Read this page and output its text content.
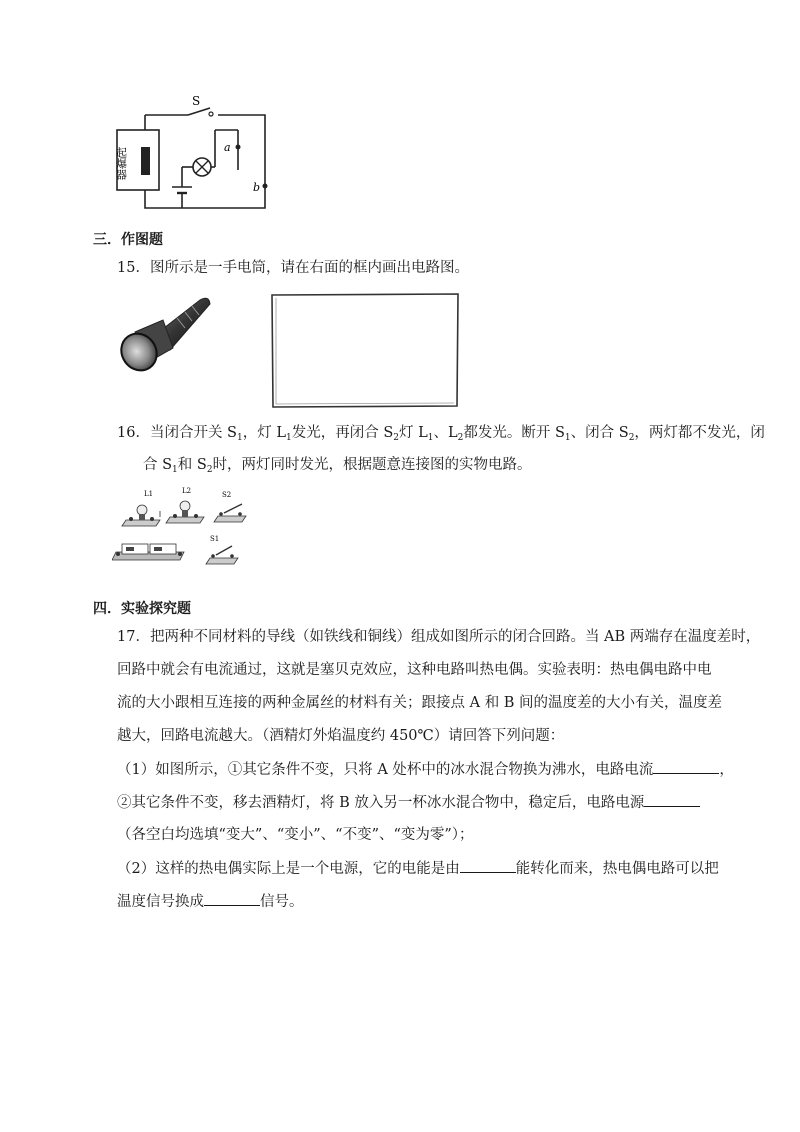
S
起爆器	a
b
三．作图题
15．图所示是一手电筒，请在右面的框内画出电路图。
16．当闭合开关 $S_1$，灯 $L_1$发光，再闭合 $S_2$灯 $L_1$、$L_2$都发光。断开 $S_1$、闭合 $S_2$，两灯都不发光，闭
合 $S_1$和 $S_2$时，两灯同时发光，根据题意连接图的实物电路。
L1	L2	S2
S1
四．实验探究题
17．把两种不同材料的导线（如铁线和铜线）组成如图所示的闭合回路。当 AB 两端存在温度差时，
回路中就会有电流通过，这就是塞贝克效应，这种电路叫热电偶。实验表明：热电偶电路中电
流的大小跟相互连接的两种金属丝的材料有关；跟接点 A 和 B 间的温度差的大小有关，温度差
越大，回路电流越大。（酒精灯外焰温度约 450℃）请回答下列问题：
（1）如图所示，①其它条件不变，只将 A 处杯中的冰水混合物换为沸水，电路电流	，
②其它条件不变，移去酒精灯，将 B 放入另一杯冰水混合物中，稳定后，电路电源
（各空白均选填“变大”、“变小”、“不变”、“变为零”）；
（2）这样的热电偶实际上是一个电源，它的电能是由	能转化而来，热电偶电路可以把
温度信号换成	信号。
